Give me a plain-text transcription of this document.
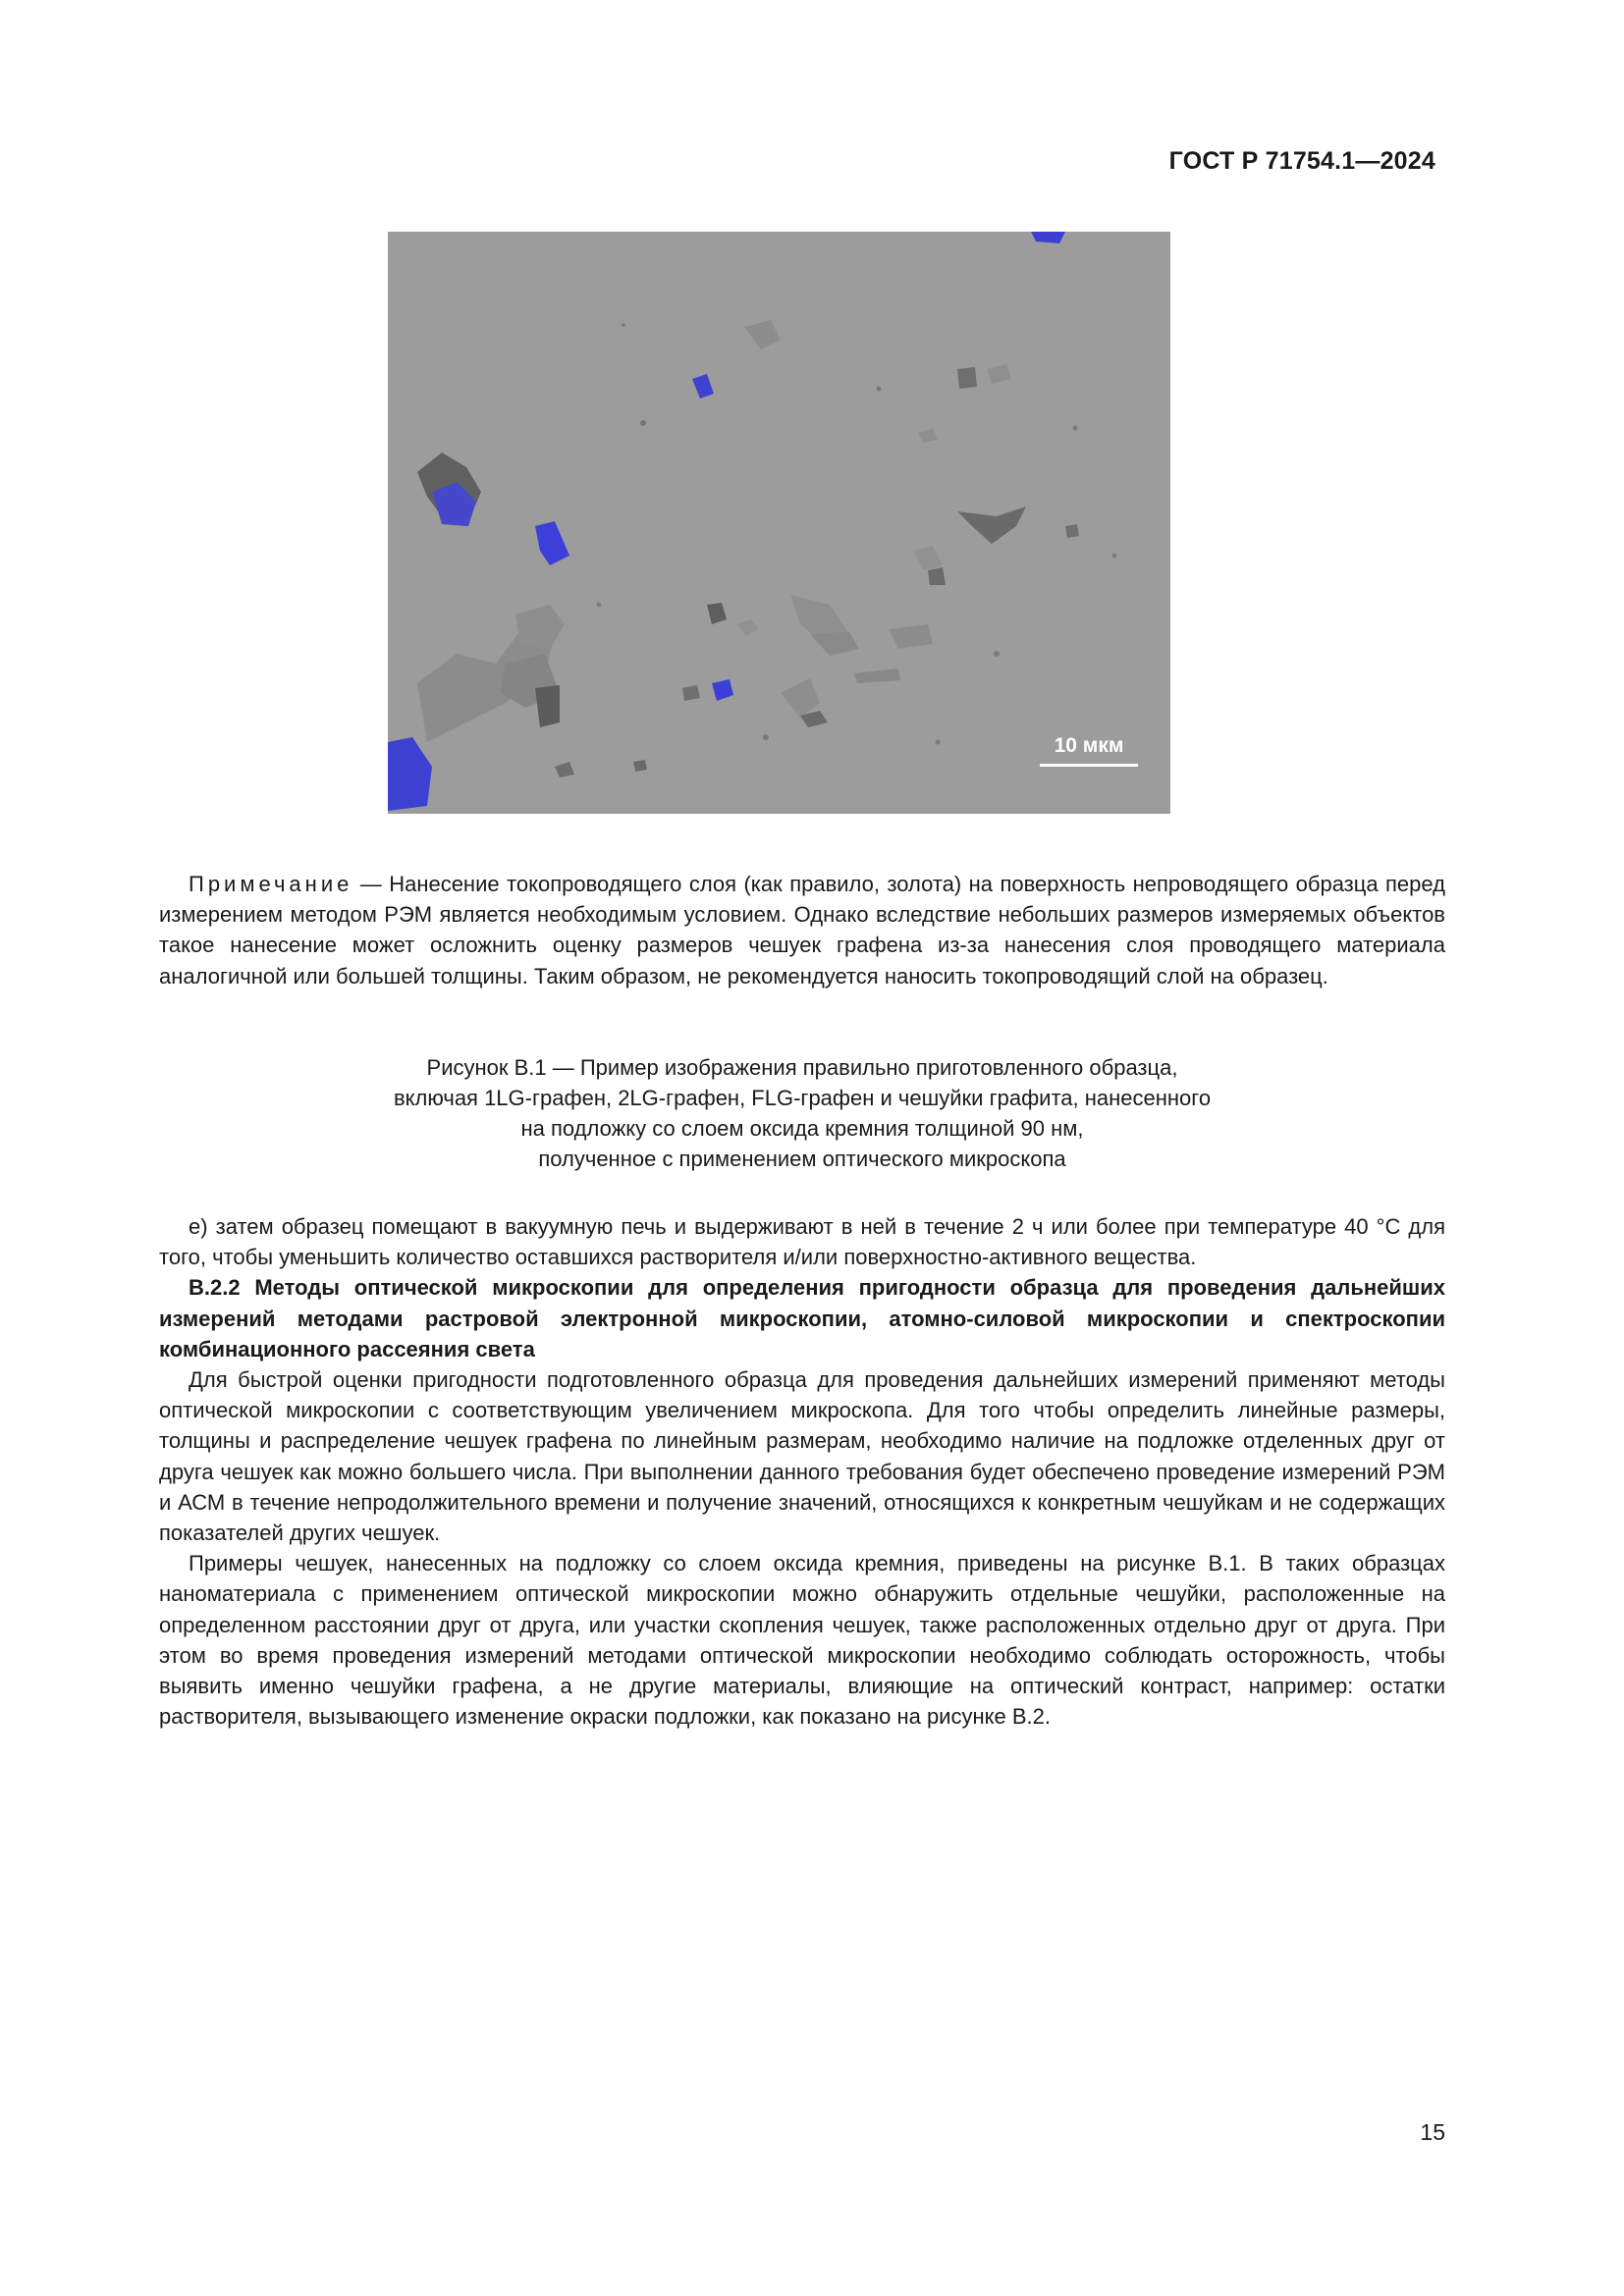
ГОСТ Р 71754.1—2024
10 мкм
Примечание — Нанесение токопроводящего слоя (как правило, золота) на поверхность непроводящего образца перед измерением методом РЭМ является необходимым условием. Однако вследствие небольших размеров измеряемых объектов такое нанесение может осложнить оценку размеров чешуек графена из-за нанесения слоя проводящего материала аналогичной или большей толщины. Таким образом, не рекомендуется наносить токопроводящий слой на образец.
Рисунок В.1 — Пример изображения правильно приготовленного образца,
включая 1LG-графен, 2LG-графен, FLG-графен и чешуйки графита, нанесенного
на подложку со слоем оксида кремния толщиной 90 нм,
полученное с применением оптического микроскопа

е) затем образец помещают в вакуумную печь и выдерживают в ней в течение 2 ч или более при температуре 40 °С для того, чтобы уменьшить количество оставшихся растворителя и/или поверхностно-активного вещества.

В.2.2 Методы оптической микроскопии для определения пригодности образца для проведения дальнейших измерений методами растровой электронной микроскопии, атомно-силовой микроскопии и спектроскопии комбинационного рассеяния света

Для быстрой оценки пригодности подготовленного образца для проведения дальнейших измерений применяют методы оптической микроскопии с соответствующим увеличением микроскопа. Для того чтобы определить линейные размеры, толщины и распределение чешуек графена по линейным размерам, необходимо наличие на подложке отделенных друг от друга чешуек как можно большего числа. При выполнении данного требования будет обеспечено проведение измерений РЭМ и АСМ в течение непродолжительного времени и получение значений, относящихся к конкретным чешуйкам и не содержащих показателей других чешуек.

Примеры чешуек, нанесенных на подложку со слоем оксида кремния, приведены на рисунке В.1. В таких образцах наноматериала с применением оптической микроскопии можно обнаружить отдельные чешуйки, расположенные на определенном расстоянии друг от друга, или участки скопления чешуек, также расположенных отдельно друг от друга. При этом во время проведения измерений методами оптической микроскопии необходимо соблюдать осторожность, чтобы выявить именно чешуйки графена, а не другие материалы, влияющие на оптический контраст, например: остатки растворителя, вызывающего изменение окраски подложки, как показано на рисунке В.2.

15
